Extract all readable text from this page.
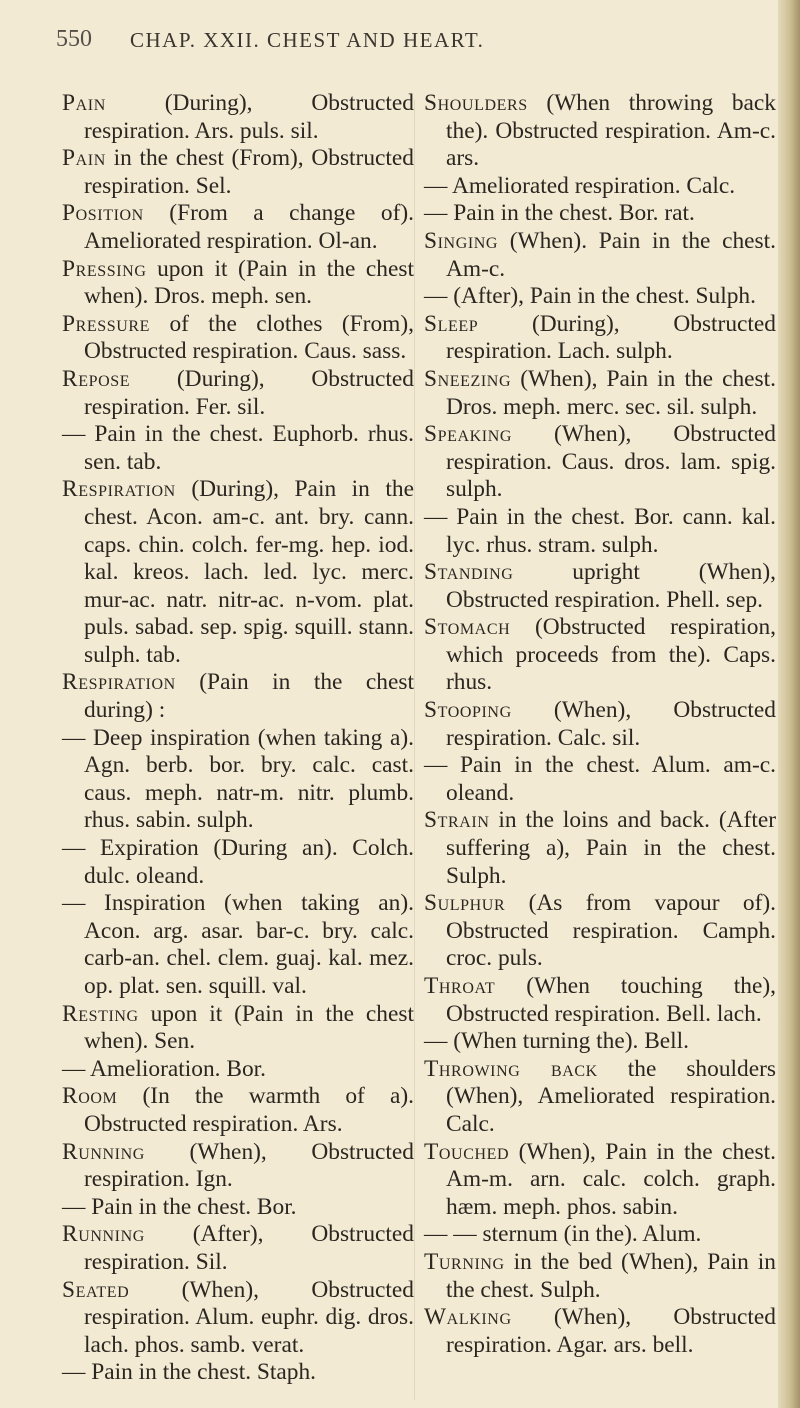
550 CHAP. XXII. CHEST AND HEART.

Pain (During), Obstructed respiration. Ars. puls. sil.

Pain in the chest (From), Obstructed respiration. Sel.

Position (From a change of). Ameliorated respiration. Ol-an.

Pressing upon it (Pain in the chest when). Dros. meph. sen.

Pressure of the clothes (From), Obstructed respiration. Caus. sass.

Repose (During), Obstructed respiration. Fer. sil.

— Pain in the chest. Euphorb. rhus. sen. tab.

Respiration (During), Pain in the chest. Acon. am-c. ant. bry. cann. caps. chin. colch. fer-mg. hep. iod. kal. kreos. lach. led. lyc. merc. mur-ac. natr. nitr-ac. n-vom. plat. puls. sabad. sep. spig. squill. stann. sulph. tab.

Respiration (Pain in the chest during) :

— Deep inspiration (when taking a). Agn. berb. bor. bry. calc. cast. caus. meph. natr-m. nitr. plumb. rhus. sabin. sulph.

— Expiration (During an). Colch. dulc. oleand.

— Inspiration (when taking an). Acon. arg. asar. bar-c. bry. calc. carb-an. chel. clem. guaj. kal. mez. op. plat. sen. squill. val.

Resting upon it (Pain in the chest when). Sen.

— Amelioration. Bor.

Room (In the warmth of a). Obstructed respiration. Ars.

Running (When), Obstructed respiration. Ign.

— Pain in the chest. Bor.

Running (After), Obstructed respiration. Sil.

Seated (When), Obstructed respiration. Alum. euphr. dig. dros. lach. phos. samb. verat.

— Pain in the chest. Staph.

Shoulders (When throwing back the). Obstructed respiration. Am-c. ars.

— Ameliorated respiration. Calc.

— Pain in the chest. Bor. rat.

Singing (When). Pain in the chest. Am-c.

— (After), Pain in the chest. Sulph.

Sleep (During), Obstructed respiration. Lach. sulph.

Sneezing (When), Pain in the chest. Dros. meph. merc. sec. sil. sulph.

Speaking (When), Obstructed respiration. Caus. dros. lam. spig. sulph.

— Pain in the chest. Bor. cann. kal. lyc. rhus. stram. sulph.

Standing upright (When), Obstructed respiration. Phell. sep.

Stomach (Obstructed respiration, which proceeds from the). Caps. rhus.

Stooping (When), Obstructed respiration. Calc. sil.

— Pain in the chest. Alum. am-c. oleand.

Strain in the loins and back. (After suffering a), Pain in the chest. Sulph.

Sulphur (As from vapour of). Obstructed respiration. Camph. croc. puls.

Throat (When touching the), Obstructed respiration. Bell. lach.

— (When turning the). Bell.

Throwing back the shoulders (When), Ameliorated respiration. Calc.

Touched (When), Pain in the chest. Am-m. arn. calc. colch. graph. hæm. meph. phos. sabin.

— — sternum (in the). Alum.

Turning in the bed (When), Pain in the chest. Sulph.

Walking (When), Obstructed respiration. Agar. ars. bell.
